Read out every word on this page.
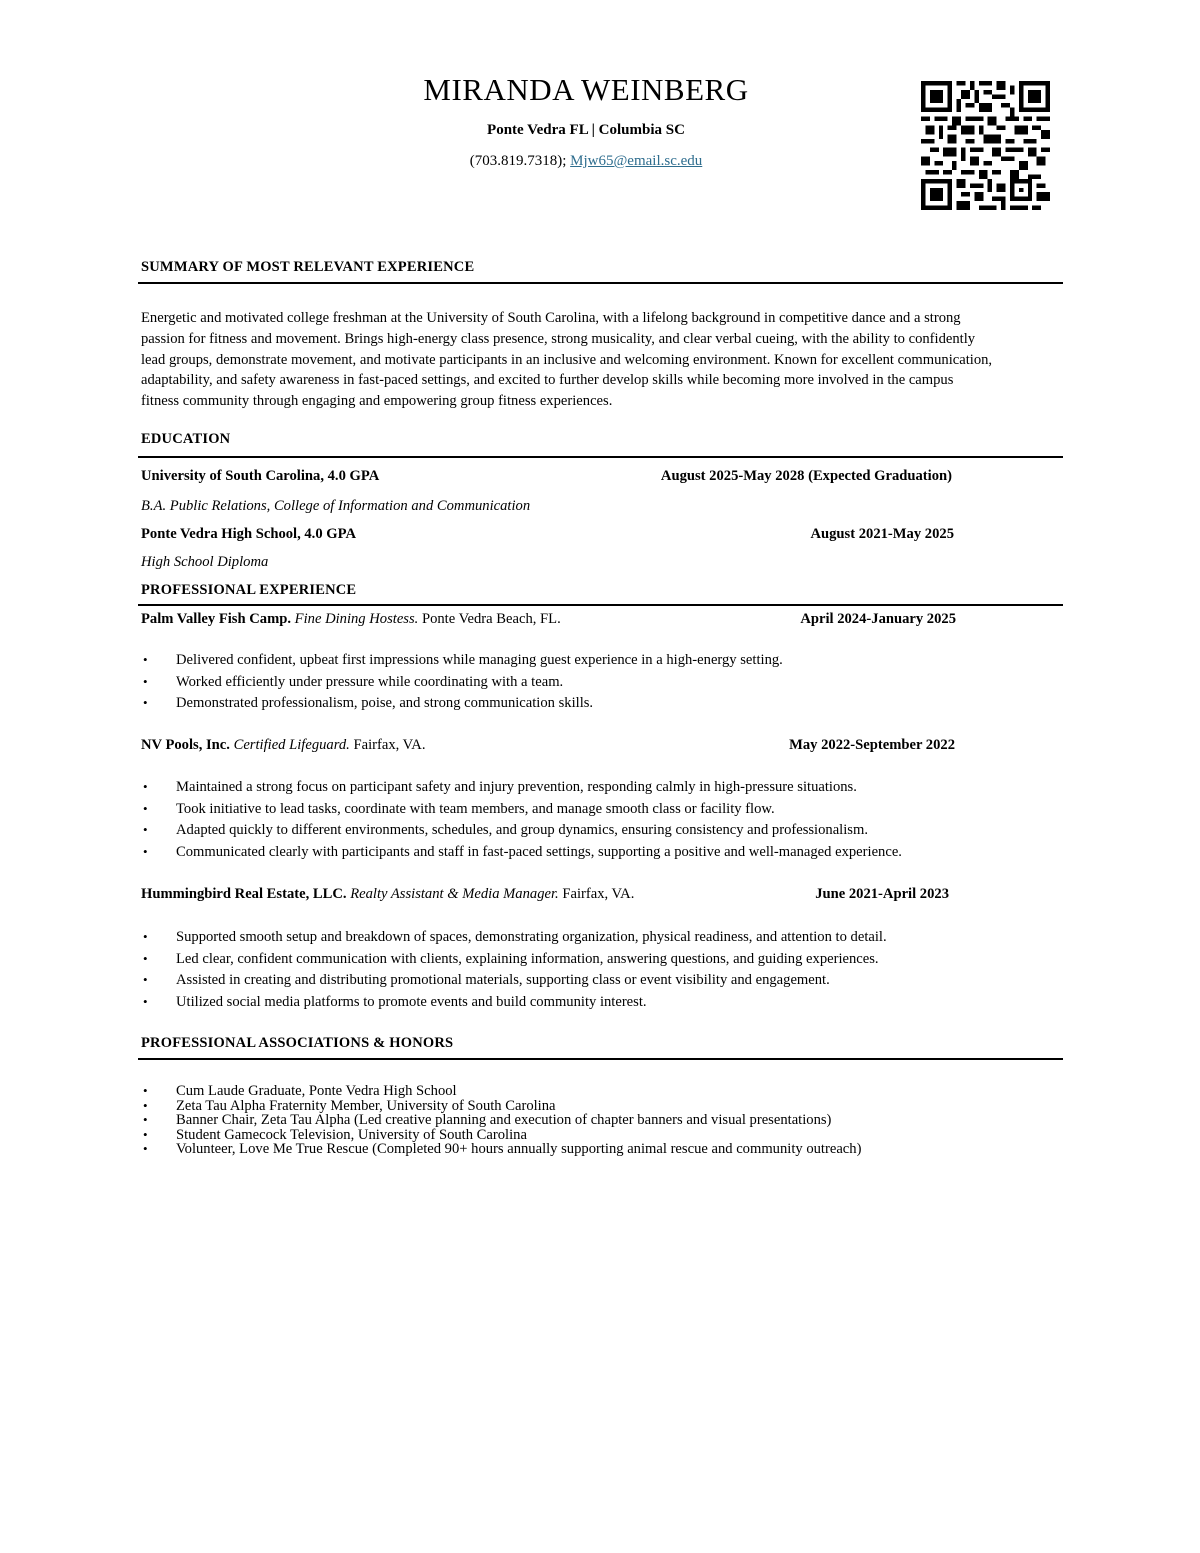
MIRANDA WEINBERG
Ponte Vedra FL | Columbia SC
(703.819.7318); Mjw65@email.sc.edu
SUMMARY OF MOST RELEVANT EXPERIENCE
Energetic and motivated college freshman at the University of South Carolina, with a lifelong background in competitive dance and a strong
passion for fitness and movement. Brings high-energy class presence, strong musicality, and clear verbal cueing, with the ability to confidently
lead groups, demonstrate movement, and motivate participants in an inclusive and welcoming environment. Known for excellent communication,
adaptability, and safety awareness in fast-paced settings, and excited to further develop skills while becoming more involved in the campus
fitness community through engaging and empowering group fitness experiences.
EDUCATION
University of South Carolina, 4.0 GPA	August 2025-May 2028 (Expected Graduation)
B.A. Public Relations, College of Information and Communication
Ponte Vedra High School, 4.0 GPA	August 2021-May 2025
High School Diploma
PROFESSIONAL EXPERIENCE
Palm Valley Fish Camp. Fine Dining Hostess. Ponte Vedra Beach, FL.	April 2024-January 2025
• Delivered confident, upbeat first impressions while managing guest experience in a high-energy setting.
• Worked efficiently under pressure while coordinating with a team.
• Demonstrated professionalism, poise, and strong communication skills.
NV Pools, Inc. Certified Lifeguard. Fairfax, VA.	May 2022-September 2022
• Maintained a strong focus on participant safety and injury prevention, responding calmly in high-pressure situations.
• Took initiative to lead tasks, coordinate with team members, and manage smooth class or facility flow.
• Adapted quickly to different environments, schedules, and group dynamics, ensuring consistency and professionalism.
• Communicated clearly with participants and staff in fast-paced settings, supporting a positive and well-managed experience.
Hummingbird Real Estate, LLC. Realty Assistant & Media Manager. Fairfax, VA.	June 2021-April 2023
• Supported smooth setup and breakdown of spaces, demonstrating organization, physical readiness, and attention to detail.
• Led clear, confident communication with clients, explaining information, answering questions, and guiding experiences.
• Assisted in creating and distributing promotional materials, supporting class or event visibility and engagement.
• Utilized social media platforms to promote events and build community interest.
PROFESSIONAL ASSOCIATIONS & HONORS
• Cum Laude Graduate, Ponte Vedra High School
• Zeta Tau Alpha Fraternity Member, University of South Carolina
• Banner Chair, Zeta Tau Alpha (Led creative planning and execution of chapter banners and visual presentations)
• Student Gamecock Television, University of South Carolina
• Volunteer, Love Me True Rescue (Completed 90+ hours annually supporting animal rescue and community outreach)
